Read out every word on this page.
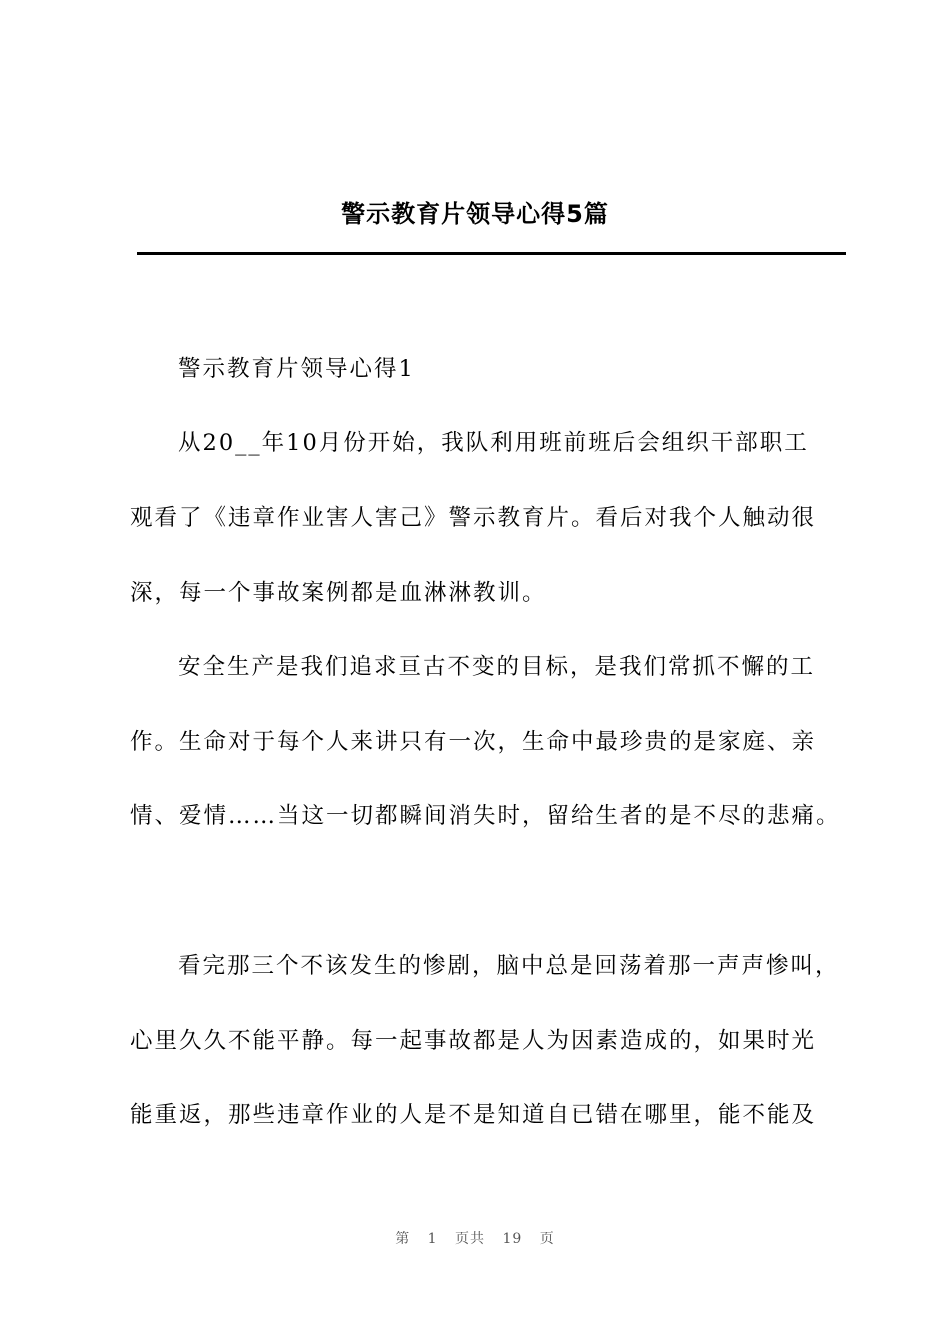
警示教育片领导心得5篇
警示教育片领导心得1
从20__年10月份开始，我队利用班前班后会组织干部职工
观看了《违章作业害人害己》警示教育片。看后对我个人触动很
深，每一个事故案例都是血淋淋教训。
安全生产是我们追求亘古不变的目标，是我们常抓不懈的工
作。生命对于每个人来讲只有一次，生命中最珍贵的是家庭、亲
情、爱情……当这一切都瞬间消失时，留给生者的是不尽的悲痛。
看完那三个不该发生的惨剧，脑中总是回荡着那一声声惨叫，
心里久久不能平静。每一起事故都是人为因素造成的，如果时光
能重返，那些违章作业的人是不是知道自已错在哪里，能不能及
第 1 页共 19 页
